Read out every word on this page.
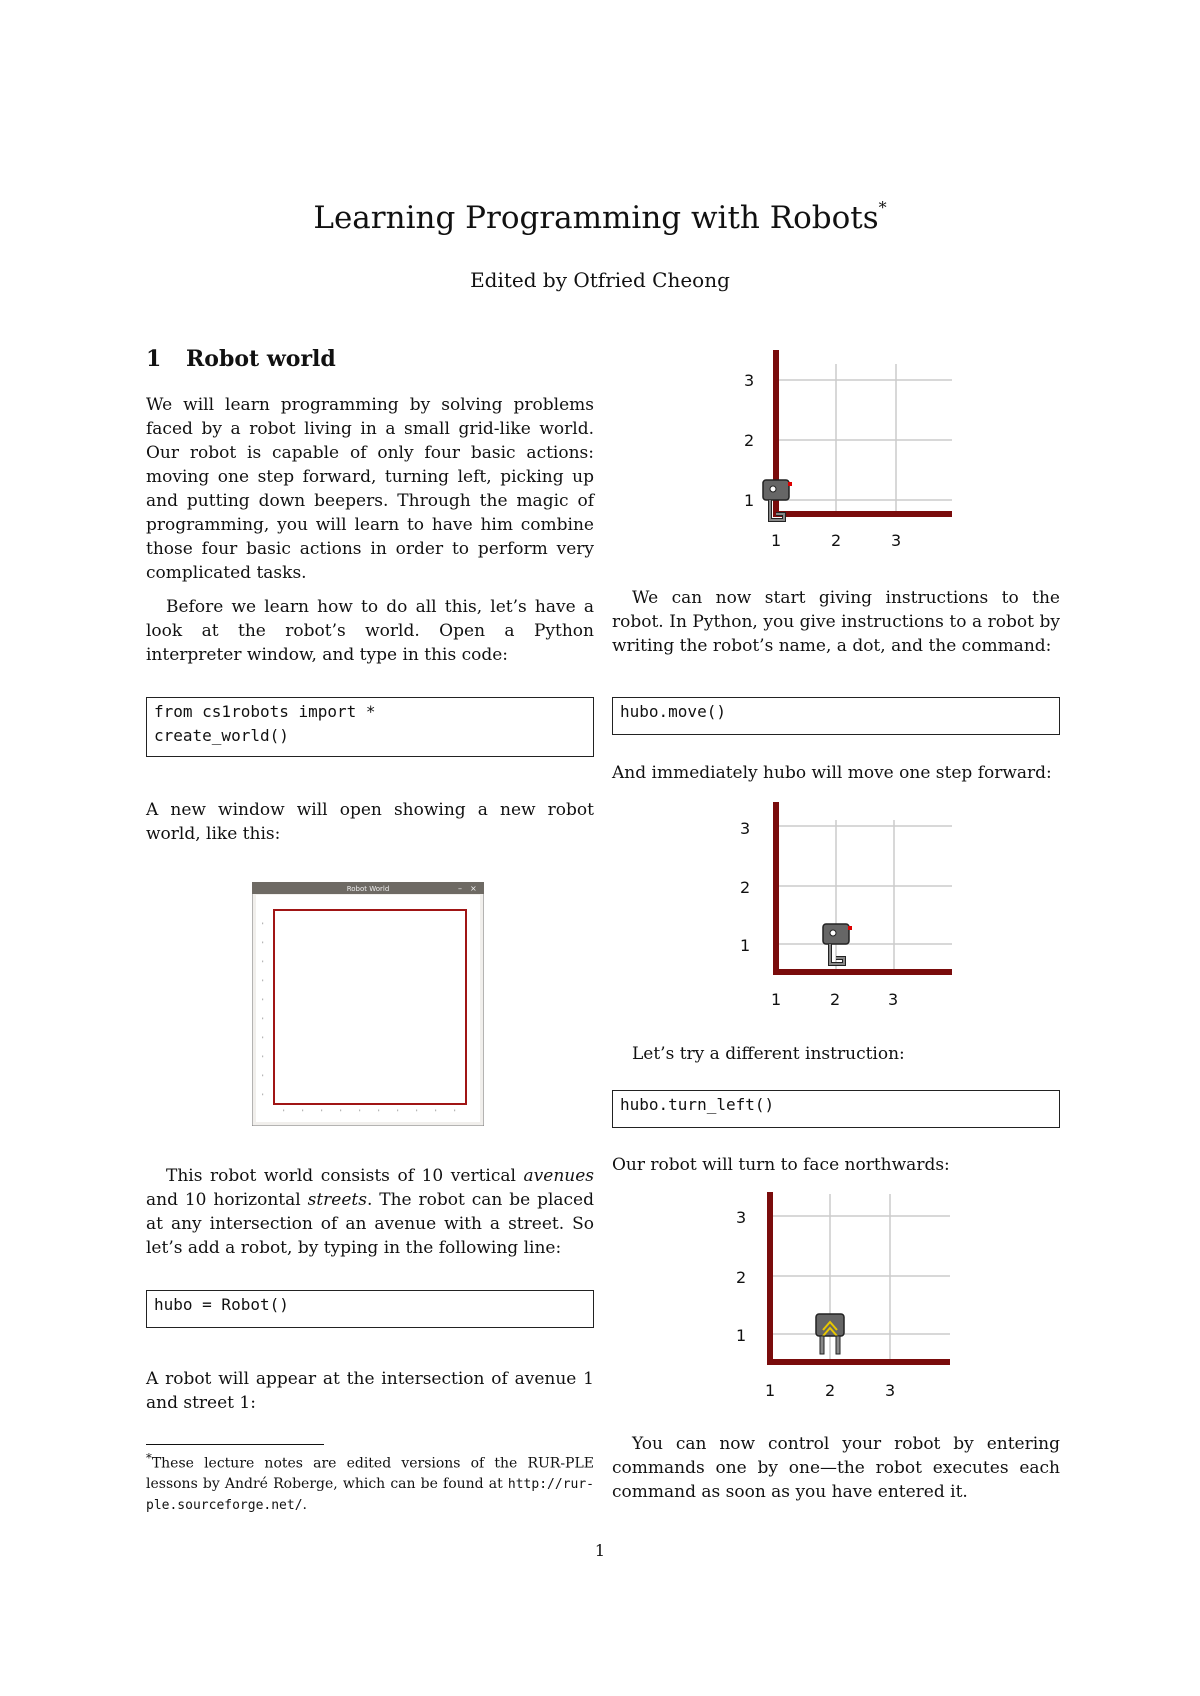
Learning Programming with Robots*
Edited by Otfried Cheong
1 Robot world

We will learn programming by solving problems faced by a robot living in a small grid-like world. Our robot is capable of only four basic actions: moving one step forward, turning left, picking up and putting down beepers. Through the magic of programming, you will learn to have him combine those four basic actions in order to perform very complicated tasks.

Before we learn how to do all this, let’s have a look at the robot’s world. Open a Python interpreter window, and type in this code:

from cs1robots import *
create_world()

A new window will open showing a new robot world, like this:

Robot World	×
–
'
'
'
'
'
'
'
'
'
'
'	'	'	'	'	'	'	'	'	'

This robot world consists of 10 vertical avenues and 10 horizontal streets. The robot can be placed at any intersection of an avenue with a street. So let’s add a robot, by typing in the following line:

hubo = Robot()

A robot will appear at the intersection of avenue 1 and street 1:

*These lecture notes are edited versions of the RUR-PLE lessons by André Roberge, which can be found at http://rur-ple.sourceforge.net/.
3
2
1
1	2	3

We can now start giving instructions to the robot. In Python, you give instructions to a robot by writing the robot’s name, a dot, and the command:

hubo.move()

And immediately hubo will move one step forward:

3
2
1
1	2	3

Let’s try a different instruction:

hubo.turn_left()

Our robot will turn to face northwards:

3
2
1
1	2	3

You can now control your robot by entering commands one by one—the robot executes each command as soon as you have entered it.

1
